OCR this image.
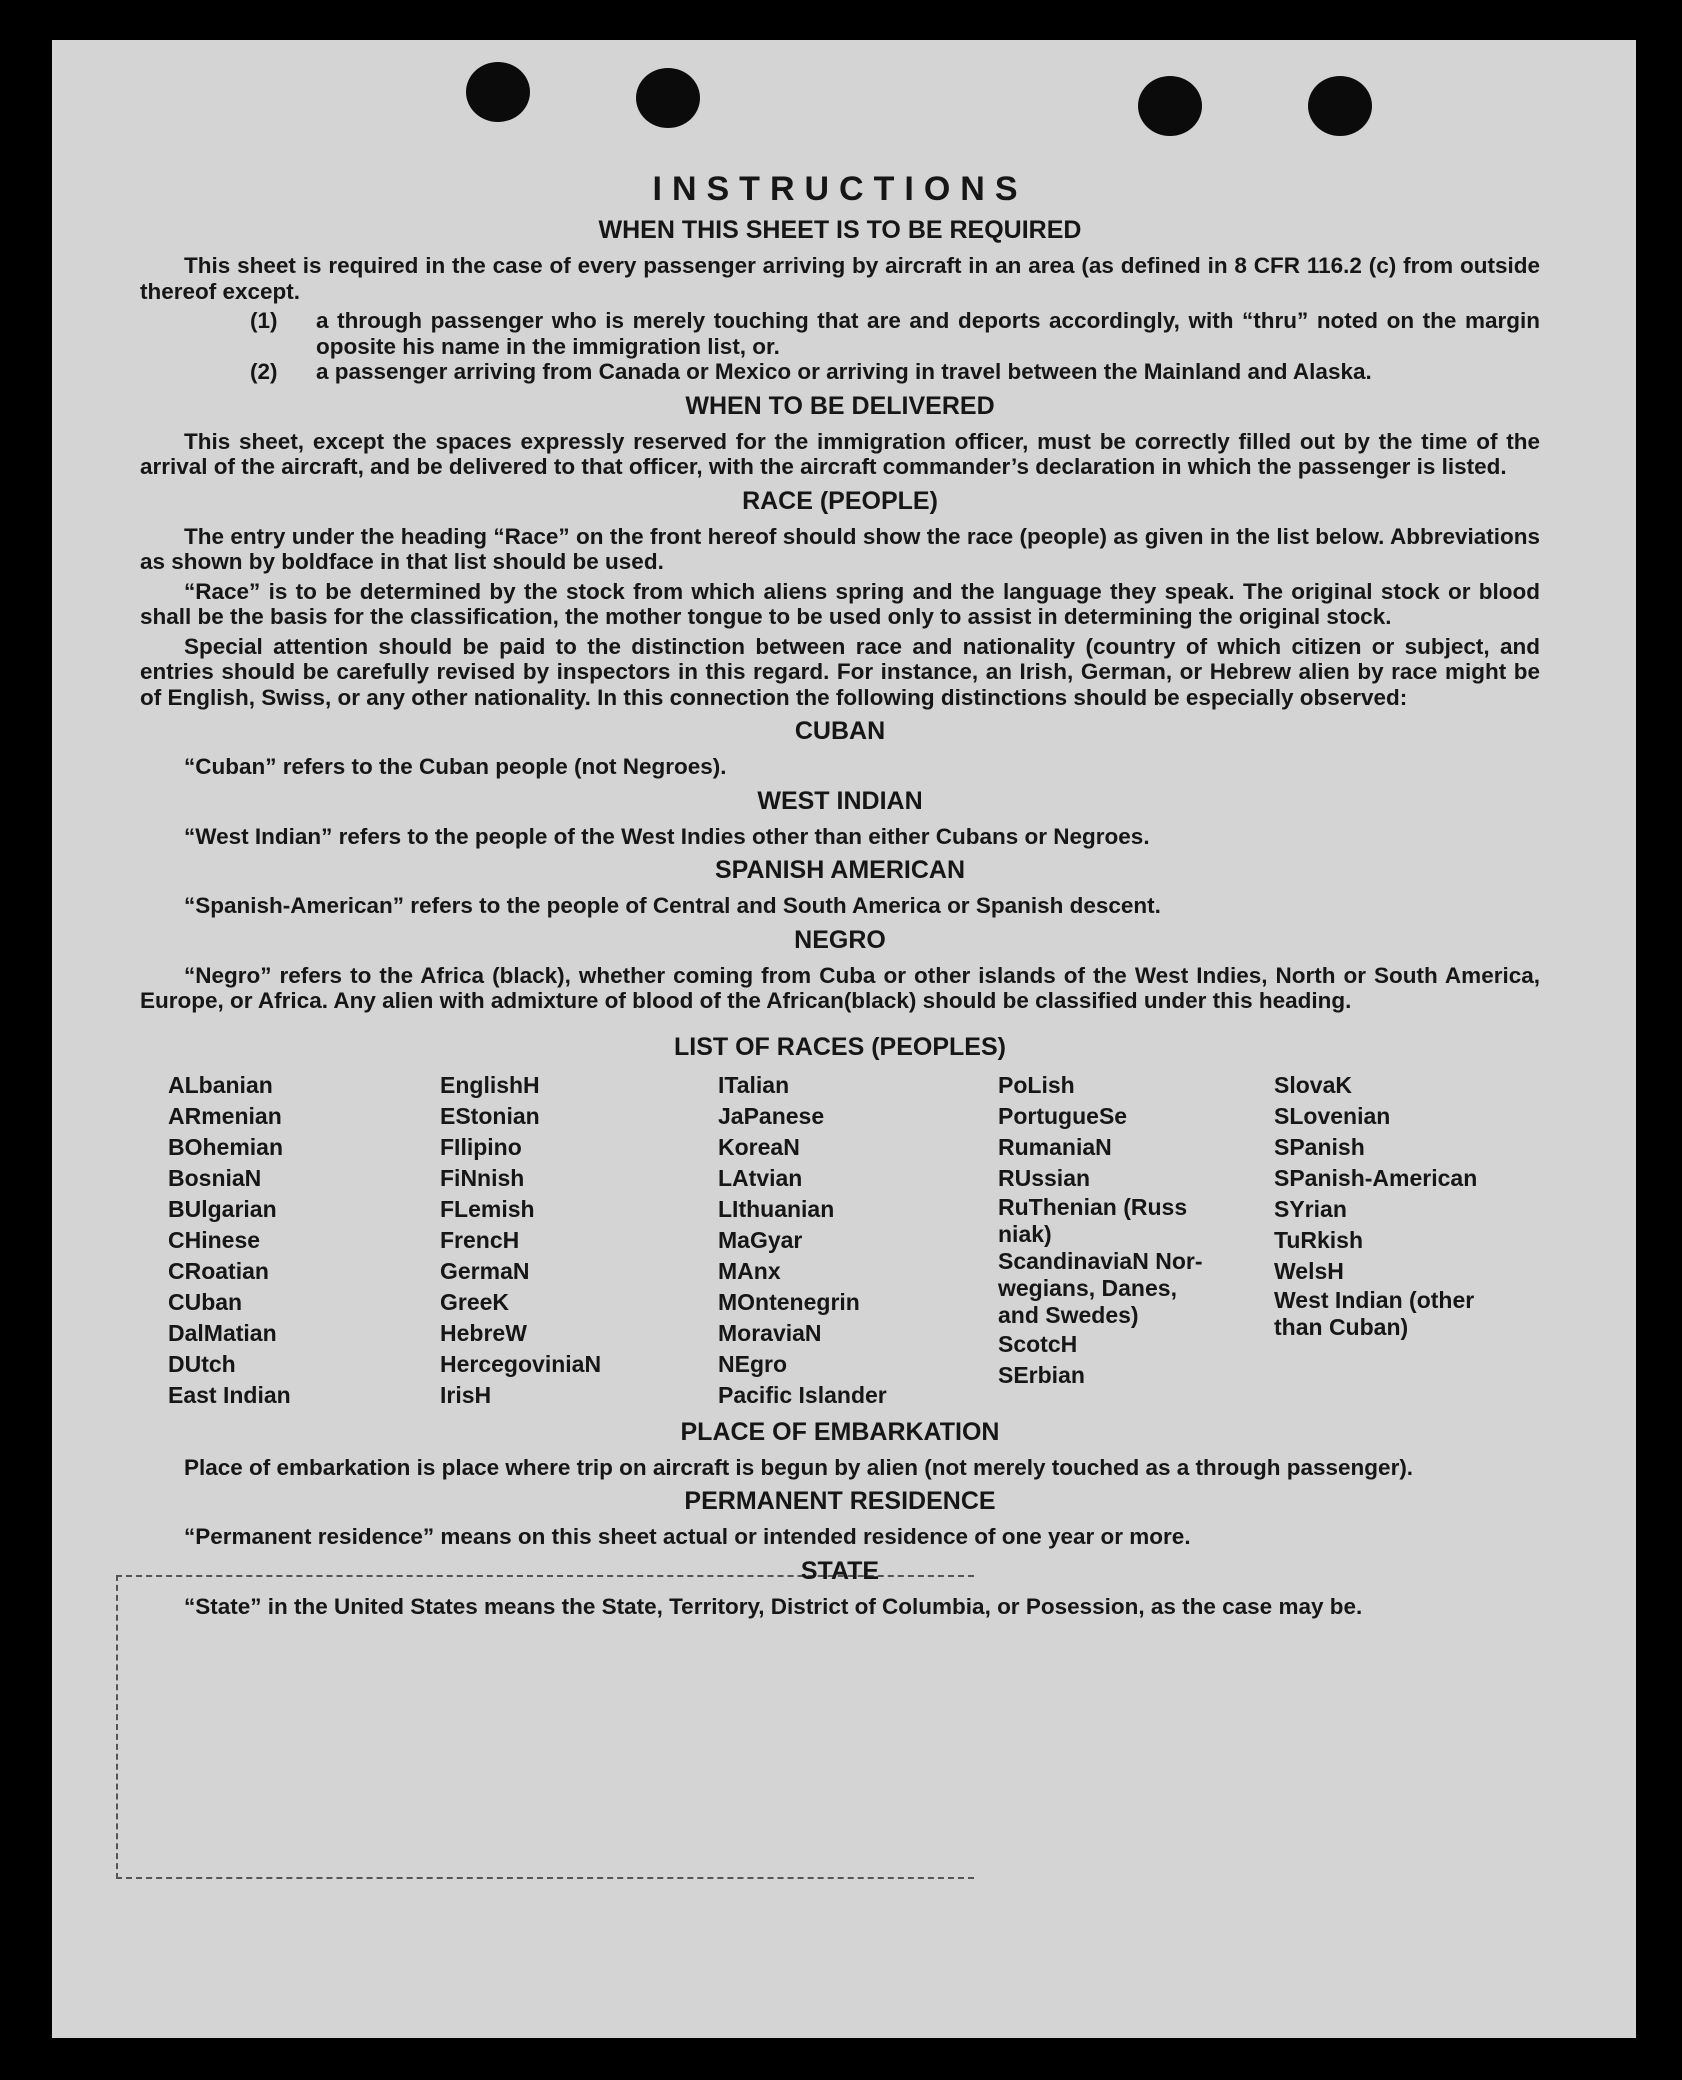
INSTRUCTIONS
WHEN THIS SHEET IS TO BE REQUIRED

This sheet is required in the case of every passenger arriving by aircraft in an area (as defined in 8 CFR 116.2 (c) from outside thereof except.

(1)	a through passenger who is merely touching that are and deports accordingly, with “thru” noted on the margin oposite his name in the immigration list, or.
(2)	a passenger arriving from Canada or Mexico or arriving in travel between the Mainland and Alaska.
WHEN TO BE DELIVERED

This sheet, except the spaces expressly reserved for the immigration officer, must be correctly filled out by the time of the arrival of the aircraft, and be delivered to that officer, with the aircraft commander’s declaration in which the passenger is listed.

RACE (PEOPLE)

The entry under the heading “Race” on the front hereof should show the race (people) as given in the list below. Abbreviations as shown by boldface in that list should be used.

“Race” is to be determined by the stock from which aliens spring and the language they speak. The original stock or blood shall be the basis for the classification, the mother tongue to be used only to assist in determining the original stock.

Special attention should be paid to the distinction between race and nationality (country of which citizen or subject, and entries should be carefully revised by inspectors in this regard. For instance, an Irish, German, or Hebrew alien by race might be of English, Swiss, or any other nationality. In this connection the following distinctions should be especially observed:

CUBAN

“Cuban” refers to the Cuban people (not Negroes).

WEST INDIAN

“West Indian” refers to the people of the West Indies other than either Cubans or Negroes.

SPANISH AMERICAN

“Spanish-American” refers to the people of Central and South America or Spanish descent.

NEGRO

“Negro” refers to the Africa (black), whether coming from Cuba or other islands of the West Indies, North or South America, Europe, or Africa. Any alien with admixture of blood of the African(black) should be classified under this heading.

LIST OF RACES (PEOPLES)
ALbanian
ARmenian
BOhemian
BosniaN
BUlgarian
CHinese
CRoatian
CUban
DalMatian
DUtch
East Indian
EnglishH
EStonian
FIlipino
FiNnish
FLemish
FrencH
GermaN
GreeK
HebreW
HercegoviniaN
IrisH
ITalian
JaPanese
KoreaN
LAtvian
LIthuanian
MaGyar
MAnx
MOntenegrin
MoraviaN
NEgro
Pacific Islander
PoLish
PortugueSe
RumaniaN
RUssian
RuThenian (Russ
niak)
ScandinaviaN Nor-
wegians, Danes,
and Swedes)
ScotcH
SErbian
SlovaK
SLovenian
SPanish
SPanish-American
SYrian
TuRkish
WelsH
West Indian (other
than Cuban)
PLACE OF EMBARKATION

Place of embarkation is place where trip on aircraft is begun by alien (not merely touched as a through passenger).

PERMANENT RESIDENCE

“Permanent residence” means on this sheet actual or intended residence of one year or more.

STATE

“State” in the United States means the State, Territory, District of Columbia, or Posession, as the case may be.
